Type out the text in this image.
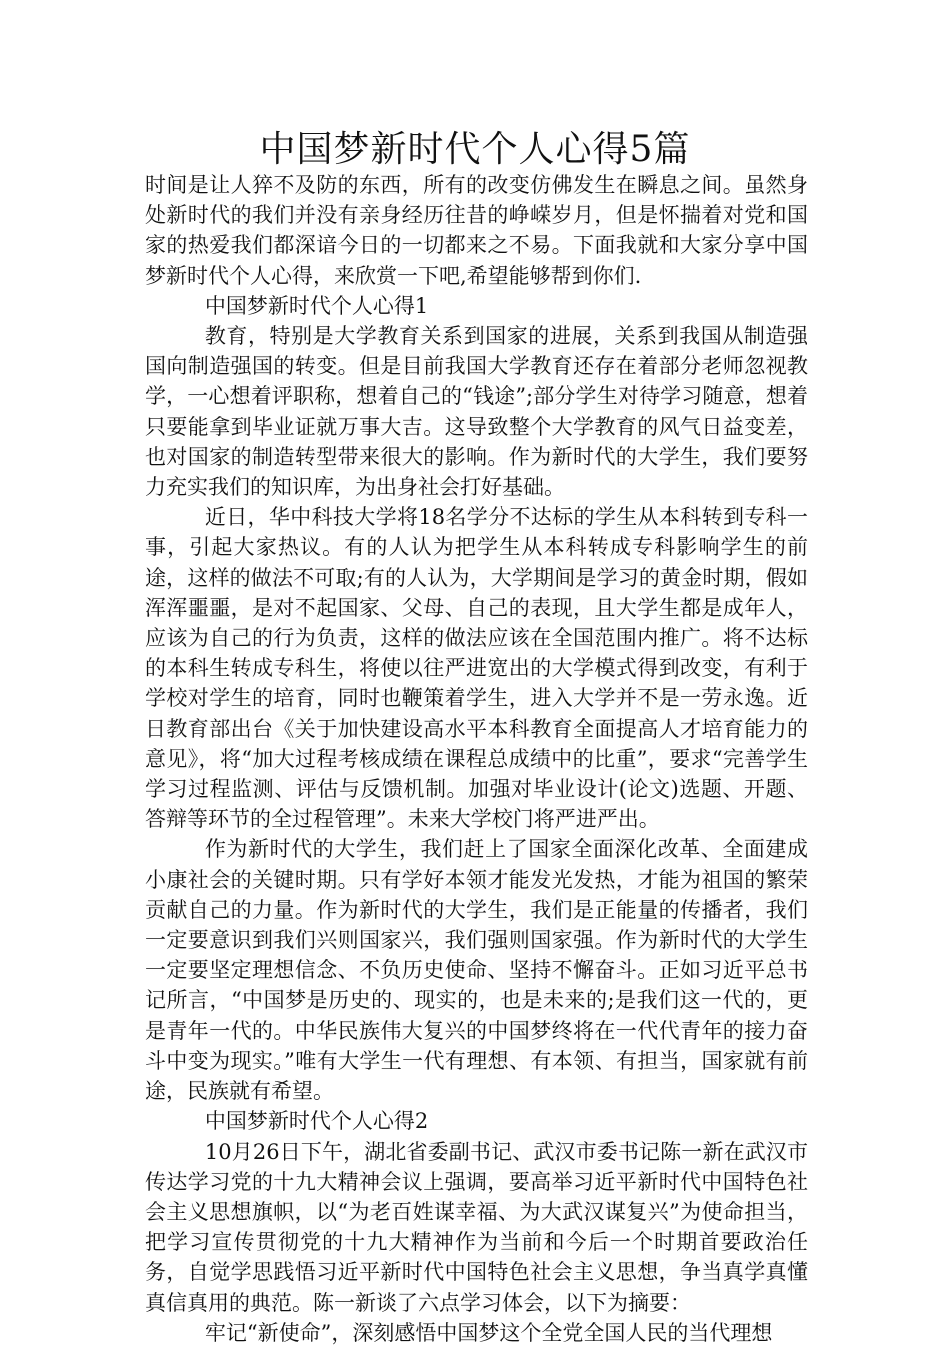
中国梦新时代个人心得5篇

时间是让人猝不及防的东西，所有的改变仿佛发生在瞬息之间。虽然身处新时代的我们并没有亲身经历往昔的峥嵘岁月，但是怀揣着对党和国家的热爱我们都深谙今日的一切都来之不易。下面我就和大家分享中国梦新时代个人心得，来欣赏一下吧,希望能够帮到你们.

中国梦新时代个人心得1

教育，特别是大学教育关系到国家的进展，关系到我国从制造强国向制造强国的转变。但是目前我国大学教育还存在着部分老师忽视教学，一心想着评职称，想着自己的“钱途”;部分学生对待学习随意，想着只要能拿到毕业证就万事大吉。这导致整个大学教育的风气日益变差，也对国家的制造转型带来很大的影响。作为新时代的大学生，我们要努力充实我们的知识库，为出身社会打好基础。

近日，华中科技大学将18名学分不达标的学生从本科转到专科一事，引起大家热议。有的人认为把学生从本科转成专科影响学生的前途，这样的做法不可取;有的人认为，大学期间是学习的黄金时期，假如浑浑噩噩，是对不起国家、父母、自己的表现，且大学生都是成年人，应该为自己的行为负责，这样的做法应该在全国范围内推广。将不达标的本科生转成专科生，将使以往严进宽出的大学模式得到改变，有利于学校对学生的培育，同时也鞭策着学生，进入大学并不是一劳永逸。近日教育部出台《关于加快建设高水平本科教育全面提高人才培育能力的意见》，将“加大过程考核成绩在课程总成绩中的比重”，要求“完善学生学习过程监测、评估与反馈机制。加强对毕业设计(论文)选题、开题、答辩等环节的全过程管理”。未来大学校门将严进严出。

作为新时代的大学生，我们赶上了国家全面深化改革、全面建成小康社会的关键时期。只有学好本领才能发光发热，才能为祖国的繁荣贡献自己的力量。作为新时代的大学生，我们是正能量的传播者，我们一定要意识到我们兴则国家兴，我们强则国家强。作为新时代的大学生一定要坚定理想信念、不负历史使命、坚持不懈奋斗。正如习近平总书记所言，“中国梦是历史的、现实的，也是未来的;是我们这一代的，更是青年一代的。中华民族伟大复兴的中国梦终将在一代代青年的接力奋斗中变为现实。”唯有大学生一代有理想、有本领、有担当，国家就有前途，民族就有希望。

中国梦新时代个人心得2

10月26日下午，湖北省委副书记、武汉市委书记陈一新在武汉市传达学习党的十九大精神会议上强调，要高举习近平新时代中国特色社会主义思想旗帜，以“为老百姓谋幸福、为大武汉谋复兴”为使命担当，把学习宣传贯彻党的十九大精神作为当前和今后一个时期首要政治任务，自觉学思践悟习近平新时代中国特色社会主义思想，争当真学真懂真信真用的典范。陈一新谈了六点学习体会，以下为摘要：

牢记“新使命”，深刻感悟中国梦这个全党全国人民的当代理想
